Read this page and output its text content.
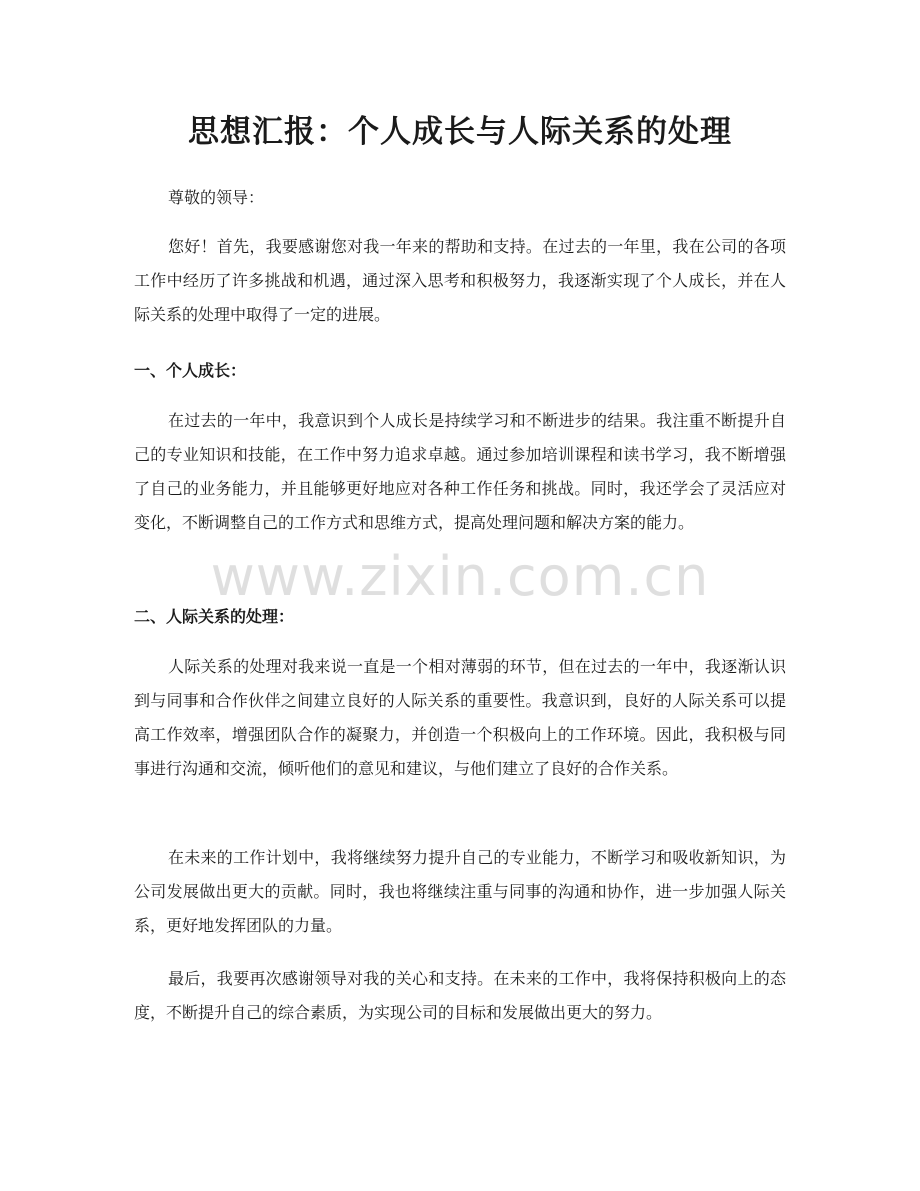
思想汇报：个人成长与人际关系的处理

尊敬的领导：

您好！首先，我要感谢您对我一年来的帮助和支持。在过去的一年里，我在公司的各项工作中经历了许多挑战和机遇，通过深入思考和积极努力，我逐渐实现了个人成长，并在人际关系的处理中取得了一定的进展。

一、个人成长：

在过去的一年中，我意识到个人成长是持续学习和不断进步的结果。我注重不断提升自己的专业知识和技能，在工作中努力追求卓越。通过参加培训课程和读书学习，我不断增强了自己的业务能力，并且能够更好地应对各种工作任务和挑战。同时，我还学会了灵活应对变化，不断调整自己的工作方式和思维方式，提高处理问题和解决方案的能力。

二、人际关系的处理：

人际关系的处理对我来说一直是一个相对薄弱的环节，但在过去的一年中，我逐渐认识到与同事和合作伙伴之间建立良好的人际关系的重要性。我意识到，良好的人际关系可以提高工作效率，增强团队合作的凝聚力，并创造一个积极向上的工作环境。因此，我积极与同事进行沟通和交流，倾听他们的意见和建议，与他们建立了良好的合作关系。

在未来的工作计划中，我将继续努力提升自己的专业能力，不断学习和吸收新知识，为公司发展做出更大的贡献。同时，我也将继续注重与同事的沟通和协作，进一步加强人际关系，更好地发挥团队的力量。

最后，我要再次感谢领导对我的关心和支持。在未来的工作中，我将保持积极向上的态度，不断提升自己的综合素质，为实现公司的目标和发展做出更大的努力。

www.zixin.com.cn
